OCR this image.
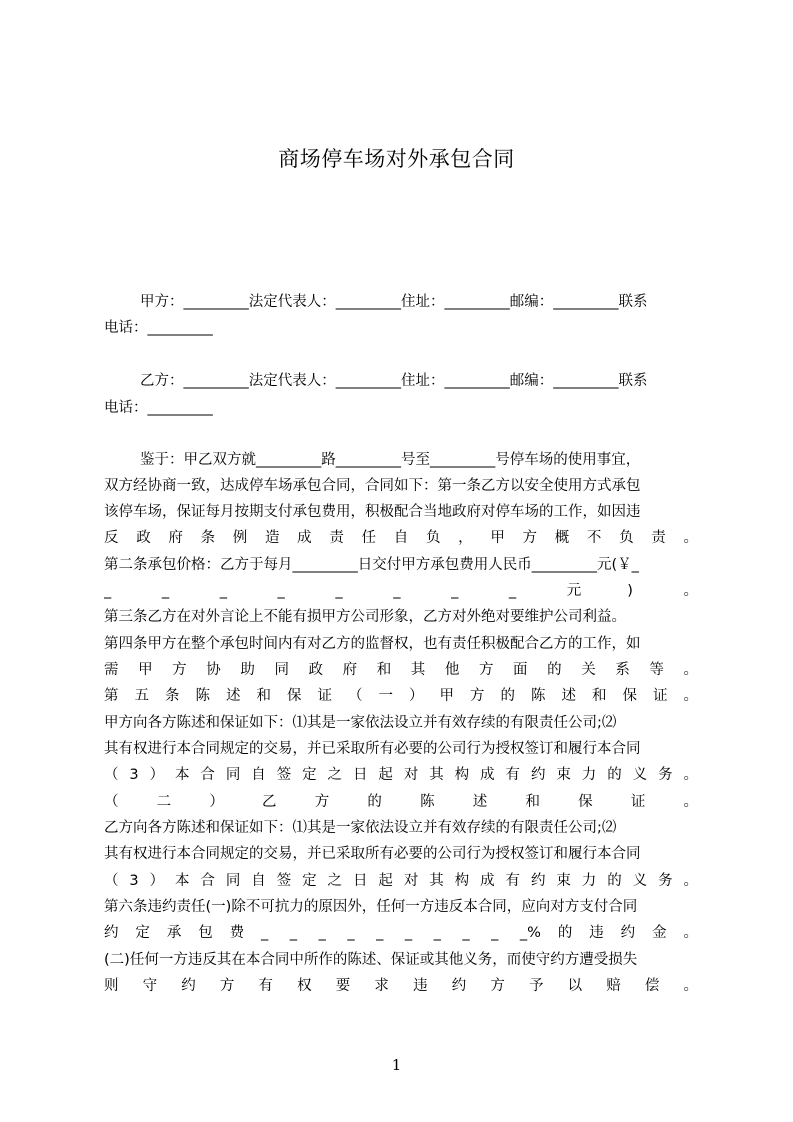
商场停车场对外承包合同
甲方：_________法定代表人：_________住址：_________邮编：_________联系
电话：_________
乙方：_________法定代表人：_________住址：_________邮编：_________联系
电话：_________
鉴于：甲乙双方就_________路_________号至_________号停车场的使用事宜，
双方经协商一致，达成停车场承包合同，合同如下：第一条乙方以安全使用方式承包
该停车场，保证每月按期支付承包费用，积极配合当地政府对停车场的工作，如因违
反政府条例造成责任自负，甲方概不负责。
第二条承包价格：乙方于每月_________日交付甲方承包费用人民币_________元(￥_
_ _ _ _ _ _ _ _ 元) 。
第三条乙方在对外言论上不能有损甲方公司形象，乙方对外绝对要维护公司利益。
第四条甲方在整个承包时间内有对乙方的监督权，也有责任积极配合乙方的工作，如
需甲方协助同政府和其他方面的关系等。
第五条陈述和保证（一）甲方的陈述和保证。
甲方向各方陈述和保证如下：⑴其是一家依法设立并有效存续的有限责任公司;⑵
其有权进行本合同规定的交易，并已采取所有必要的公司行为授权签订和履行本合同
（3）本合同自签定之日起对其构成有约束力的义务。
（二）乙方的陈述和保证。
乙方向各方陈述和保证如下：⑴其是一家依法设立并有效存续的有限责任公司;⑵
其有权进行本合同规定的交易，并已采取所有必要的公司行为授权签订和履行本合同
（3）本合同自签定之日起对其构成有约束力的义务。
第六条违约责任(一)除不可抗力的原因外，任何一方违反本合同，应向对方支付合同
约定承包费_ _ _ _ _ _ _ _ _ _%的违约金。
(二)任何一方违反其在本合同中所作的陈述、保证或其他义务，而使守约方遭受损失
则守约方有权要求违约方予以赔偿。
1
